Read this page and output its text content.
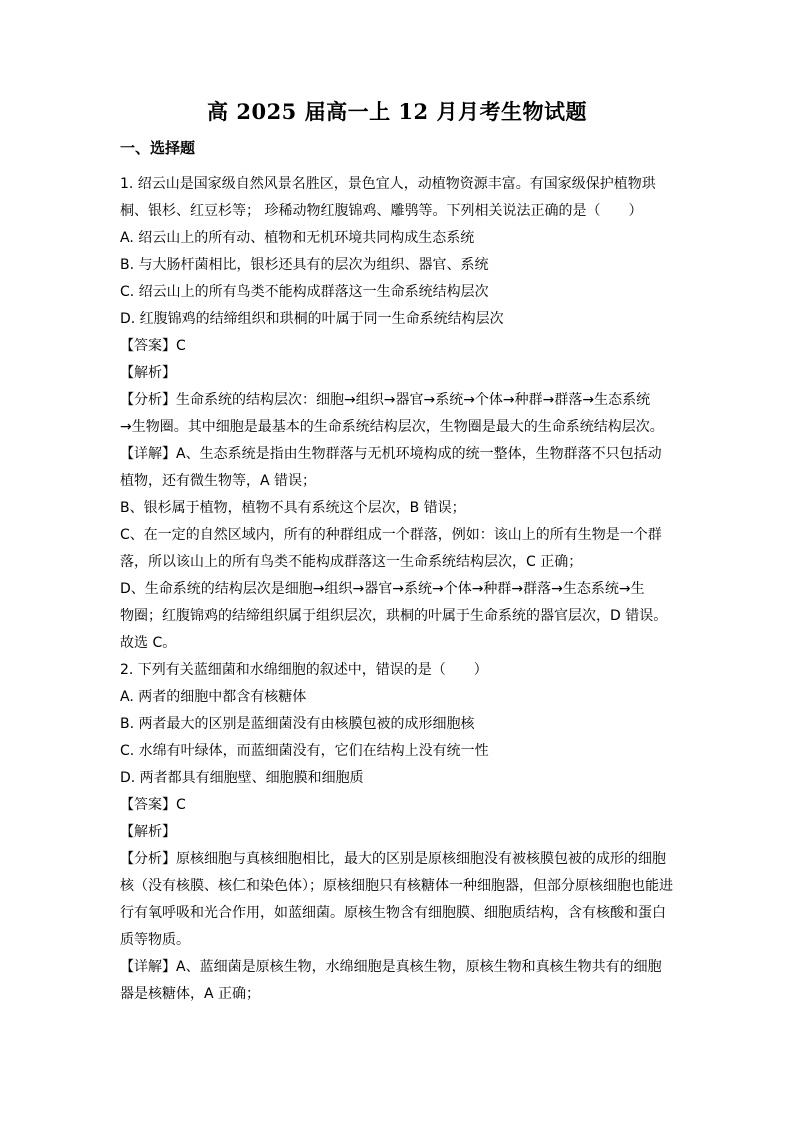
高 2025 届高一上 12 月月考生物试题
一、选择题
1. 绍云山是国家级自然风景名胜区，景色宜人，动植物资源丰富。有国家级保护植物珙
桐、银杉、红豆杉等； 珍稀动物红腹锦鸡、雕鸮等。下列相关说法正确的是（　　）
A. 绍云山上的所有动、植物和无机环境共同构成生态系统
B. 与大肠杆菌相比，银杉还具有的层次为组织、器官、系统
C. 绍云山上的所有鸟类不能构成群落这一生命系统结构层次
D. 红腹锦鸡的结缔组织和珙桐的叶属于同一生命系统结构层次
【答案】C
【解析】
【分析】生命系统的结构层次：细胞→组织→器官→系统→个体→种群→群落→生态系统
→生物圈。其中细胞是最基本的生命系统结构层次，生物圈是最大的生命系统结构层次。
【详解】A、生态系统是指由生物群落与无机环境构成的统一整体，生物群落不只包括动
植物，还有微生物等，A 错误；
B、银杉属于植物，植物不具有系统这个层次，B 错误；
C、在一定的自然区域内，所有的种群组成一个群落，例如：该山上的所有生物是一个群
落，所以该山上的所有鸟类不能构成群落这一生命系统结构层次，C 正确；
D、生命系统的结构层次是细胞→组织→器官→系统→个体→种群→群落→生态系统→生
物圈；红腹锦鸡的结缔组织属于组织层次，珙桐的叶属于生命系统的器官层次，D 错误。
故选 C。
2. 下列有关蓝细菌和水绵细胞的叙述中，错误的是（　　）
A. 两者的细胞中都含有核糖体
B. 两者最大的区别是蓝细菌没有由核膜包被的成形细胞核
C. 水绵有叶绿体，而蓝细菌没有，它们在结构上没有统一性
D. 两者都具有细胞壁、细胞膜和细胞质
【答案】C
【解析】
【分析】原核细胞与真核细胞相比，最大的区别是原核细胞没有被核膜包被的成形的细胞
核（没有核膜、核仁和染色体）；原核细胞只有核糖体一种细胞器，但部分原核细胞也能进
行有氧呼吸和光合作用，如蓝细菌。原核生物含有细胞膜、细胞质结构，含有核酸和蛋白
质等物质。
【详解】A、蓝细菌是原核生物，水绵细胞是真核生物，原核生物和真核生物共有的细胞
器是核糖体，A 正确；
